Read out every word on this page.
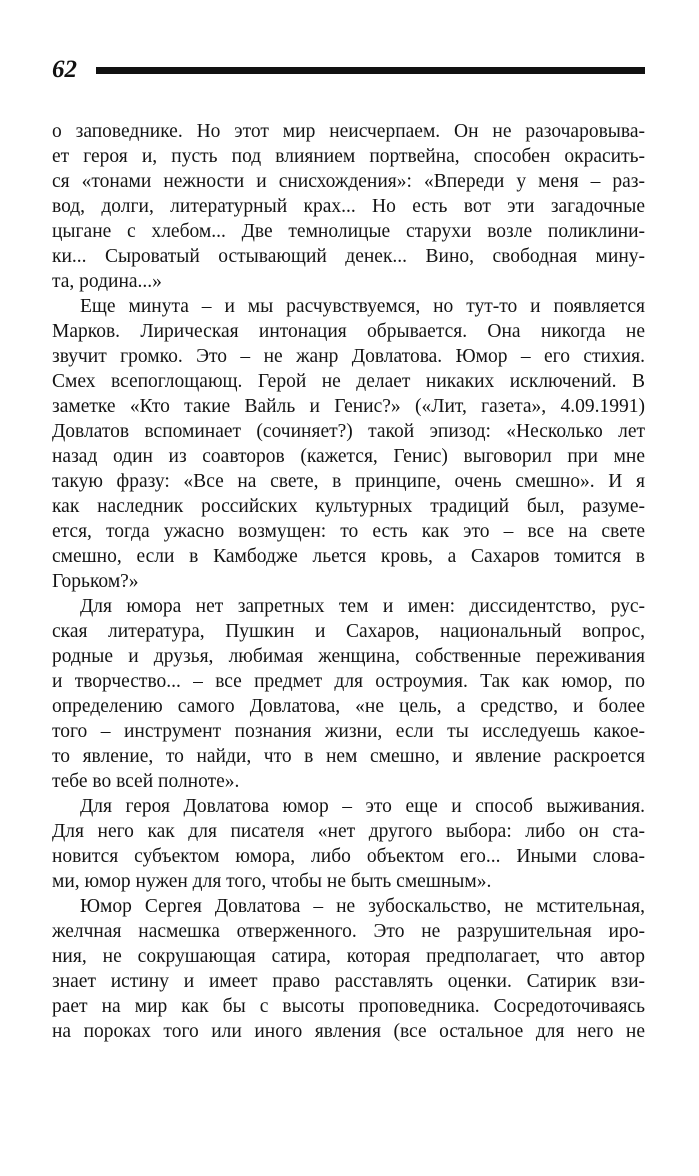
62
о заповеднике. Но этот мир неисчерпаем. Он не разочаровыва-
ет героя и, пусть под влиянием портвейна, способен окрасить-
ся «тонами нежности и снисхождения»: «Впереди у меня – раз-
вод, долги, литературный крах... Но есть вот эти загадочные
цыгане с хлебом... Две темнолицые старухи возле поликлини-
ки... Сыроватый остывающий денек... Вино, свободная мину-
та, родина...»
Еще минута – и мы расчувствуемся, но тут-то и появляется
Марков. Лирическая интонация обрывается. Она никогда не
звучит громко. Это – не жанр Довлатова. Юмор – его стихия.
Смех всепоглощающ. Герой не делает никаких исключений. В
заметке «Кто такие Вайль и Генис?» («Лит, газета», 4.09.1991)
Довлатов вспоминает (сочиняет?) такой эпизод: «Несколько лет
назад один из соавторов (кажется, Генис) выговорил при мне
такую фразу: «Все на свете, в принципе, очень смешно». И я
как наследник российских культурных традиций был, разуме-
ется, тогда ужасно возмущен: то есть как это – все на свете
смешно, если в Камбодже льется кровь, а Сахаров томится в
Горьком?»
Для юмора нет запретных тем и имен: диссидентство, рус-
ская литература, Пушкин и Сахаров, национальный вопрос,
родные и друзья, любимая женщина, собственные переживания
и творчество... – все предмет для остроумия. Так как юмор, по
определению самого Довлатова, «не цель, а средство, и более
того – инструмент познания жизни, если ты исследуешь какое-
то явление, то найди, что в нем смешно, и явление раскроется
тебе во всей полноте».
Для героя Довлатова юмор – это еще и способ выживания.
Для него как для писателя «нет другого выбора: либо он ста-
новится субъектом юмора, либо объектом его... Иными слова-
ми, юмор нужен для того, чтобы не быть смешным».
Юмор Сергея Довлатова – не зубоскальство, не мстительная,
желчная насмешка отверженного. Это не разрушительная иро-
ния, не сокрушающая сатира, которая предполагает, что автор
знает истину и имеет право расставлять оценки. Сатирик взи-
рает на мир как бы с высоты проповедника. Сосредоточиваясь
на пороках того или иного явления (все остальное для него не
